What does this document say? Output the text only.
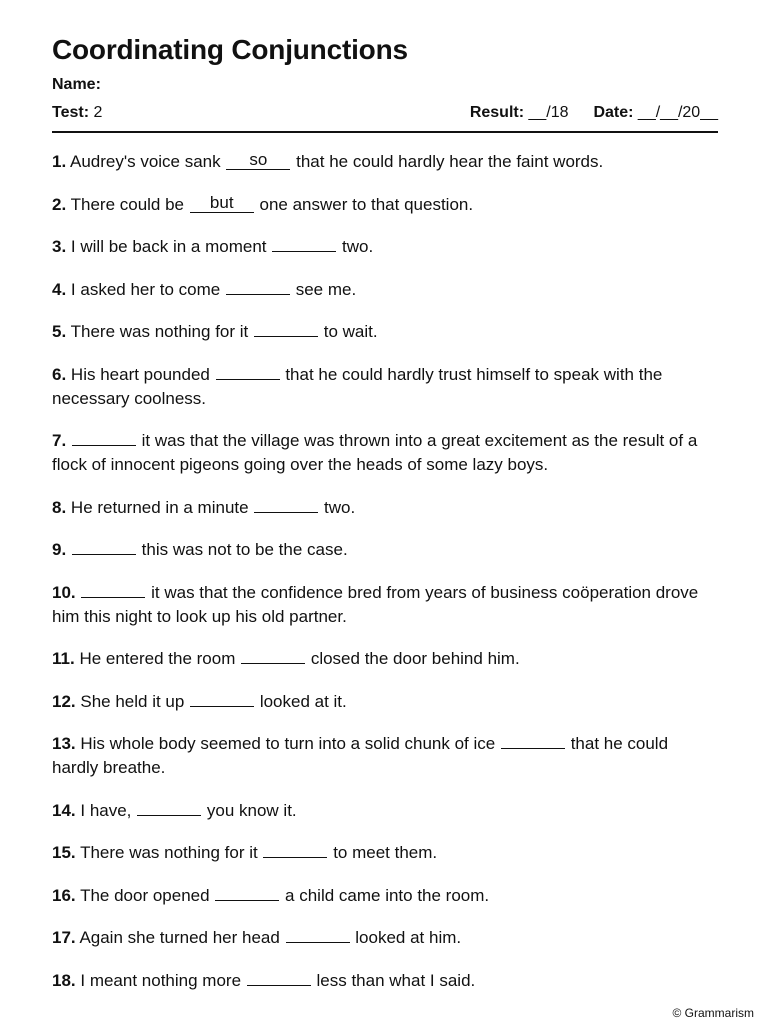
Coordinating Conjunctions
Name:
Test: 2	Result: __/18 Date: __/__/20__

1. Audrey's voice sank so that he could hardly hear the faint words.

2. There could be but one answer to that question.

3. I will be back in a moment	two.

4. I asked her to come	see me.

5. There was nothing for it	to wait.

6. His heart pounded	that he could hardly trust himself to speak with the necessary coolness.

7.	it was that the village was thrown into a great excitement as the result of a flock of innocent pigeons going over the heads of some lazy boys.

8. He returned in a minute	two.

9.	this was not to be the case.

10.	it was that the confidence bred from years of business coöperation drove him this night to look up his old partner.

11. He entered the room	closed the door behind him.

12. She held it up	looked at it.

13. His whole body seemed to turn into a solid chunk of ice	that he could hardly breathe.

14. I have,	you know it.

15. There was nothing for it	to meet them.

16. The door opened	a child came into the room.

17. Again she turned her head	looked at him.

18. I meant nothing more	less than what I said.

© Grammarism
